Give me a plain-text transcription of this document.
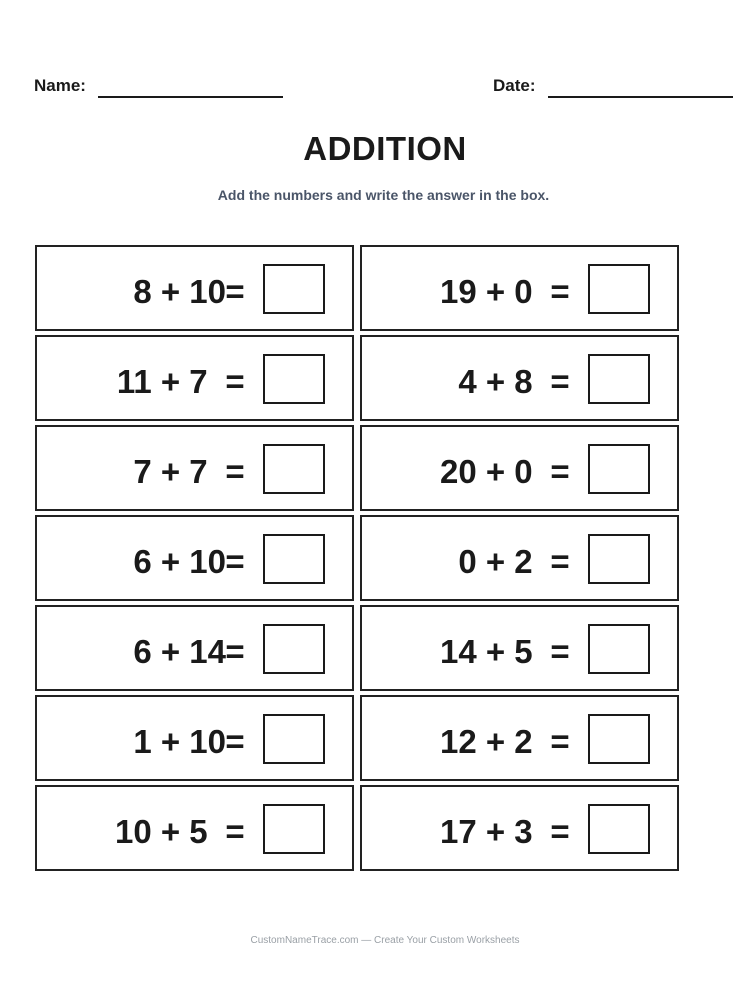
Name:	Date:
ADDITION
Add the numbers and write the answer in the box.
8 + 10 =	19 + 0 =
11 + 7 =	4 + 8 =
7 + 7 =	20 + 0 =
6 + 10 =	0 + 2 =
6 + 14 =	14 + 5 =
1 + 10 =	12 + 2 =
10 + 5 =	17 + 3 =
CustomNameTrace.com — Create Your Custom Worksheets
